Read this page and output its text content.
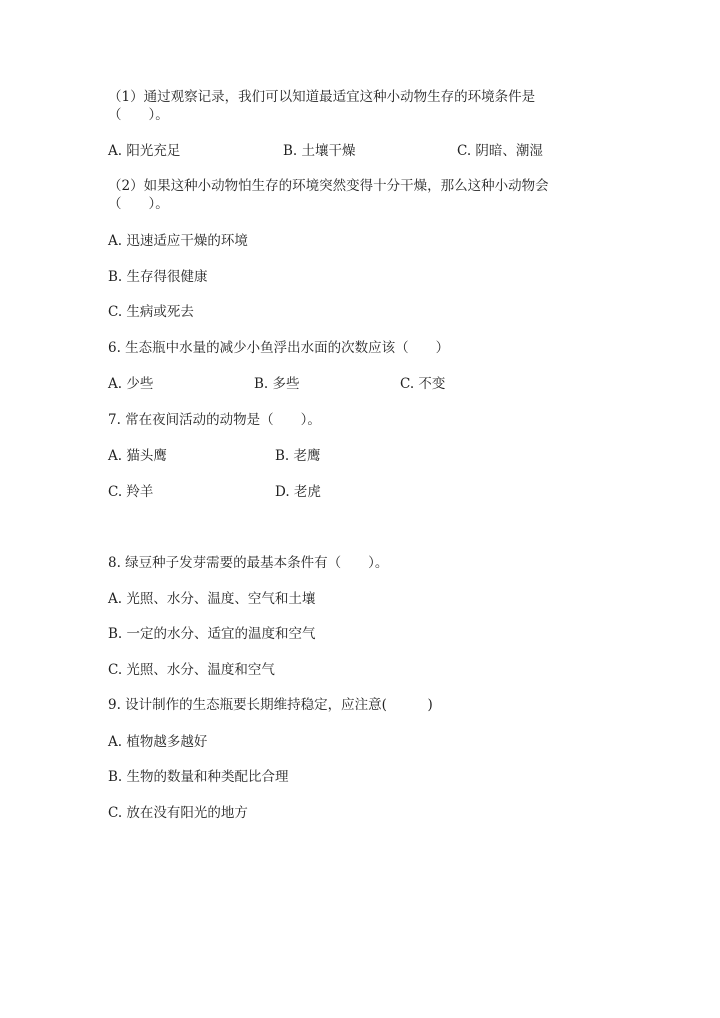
（1）通过观察记录，我们可以知道最适宜这种小动物生存的环境条件是
（　　）。
A. 阳光充足	B. 土壤干燥	C. 阴暗、潮湿
（2）如果这种小动物怕生存的环境突然变得十分干燥，那么这种小动物会
（　　）。
A. 迅速适应干燥的环境
B. 生存得很健康
C. 生病或死去
6. 生态瓶中水量的减少小鱼浮出水面的次数应该（　　）
A. 少些	B. 多些	C. 不变
7. 常在夜间活动的动物是（　　）。
A. 猫头鹰	B. 老鹰
C. 羚羊	D. 老虎
8. 绿豆种子发芽需要的最基本条件有（　　）。
A. 光照、水分、温度、空气和土壤
B. 一定的水分、适宜的温度和空气
C. 光照、水分、温度和空气
9. 设计制作的生态瓶要长期维持稳定，应注意(　　　)
A. 植物越多越好
B. 生物的数量和种类配比合理
C. 放在没有阳光的地方
